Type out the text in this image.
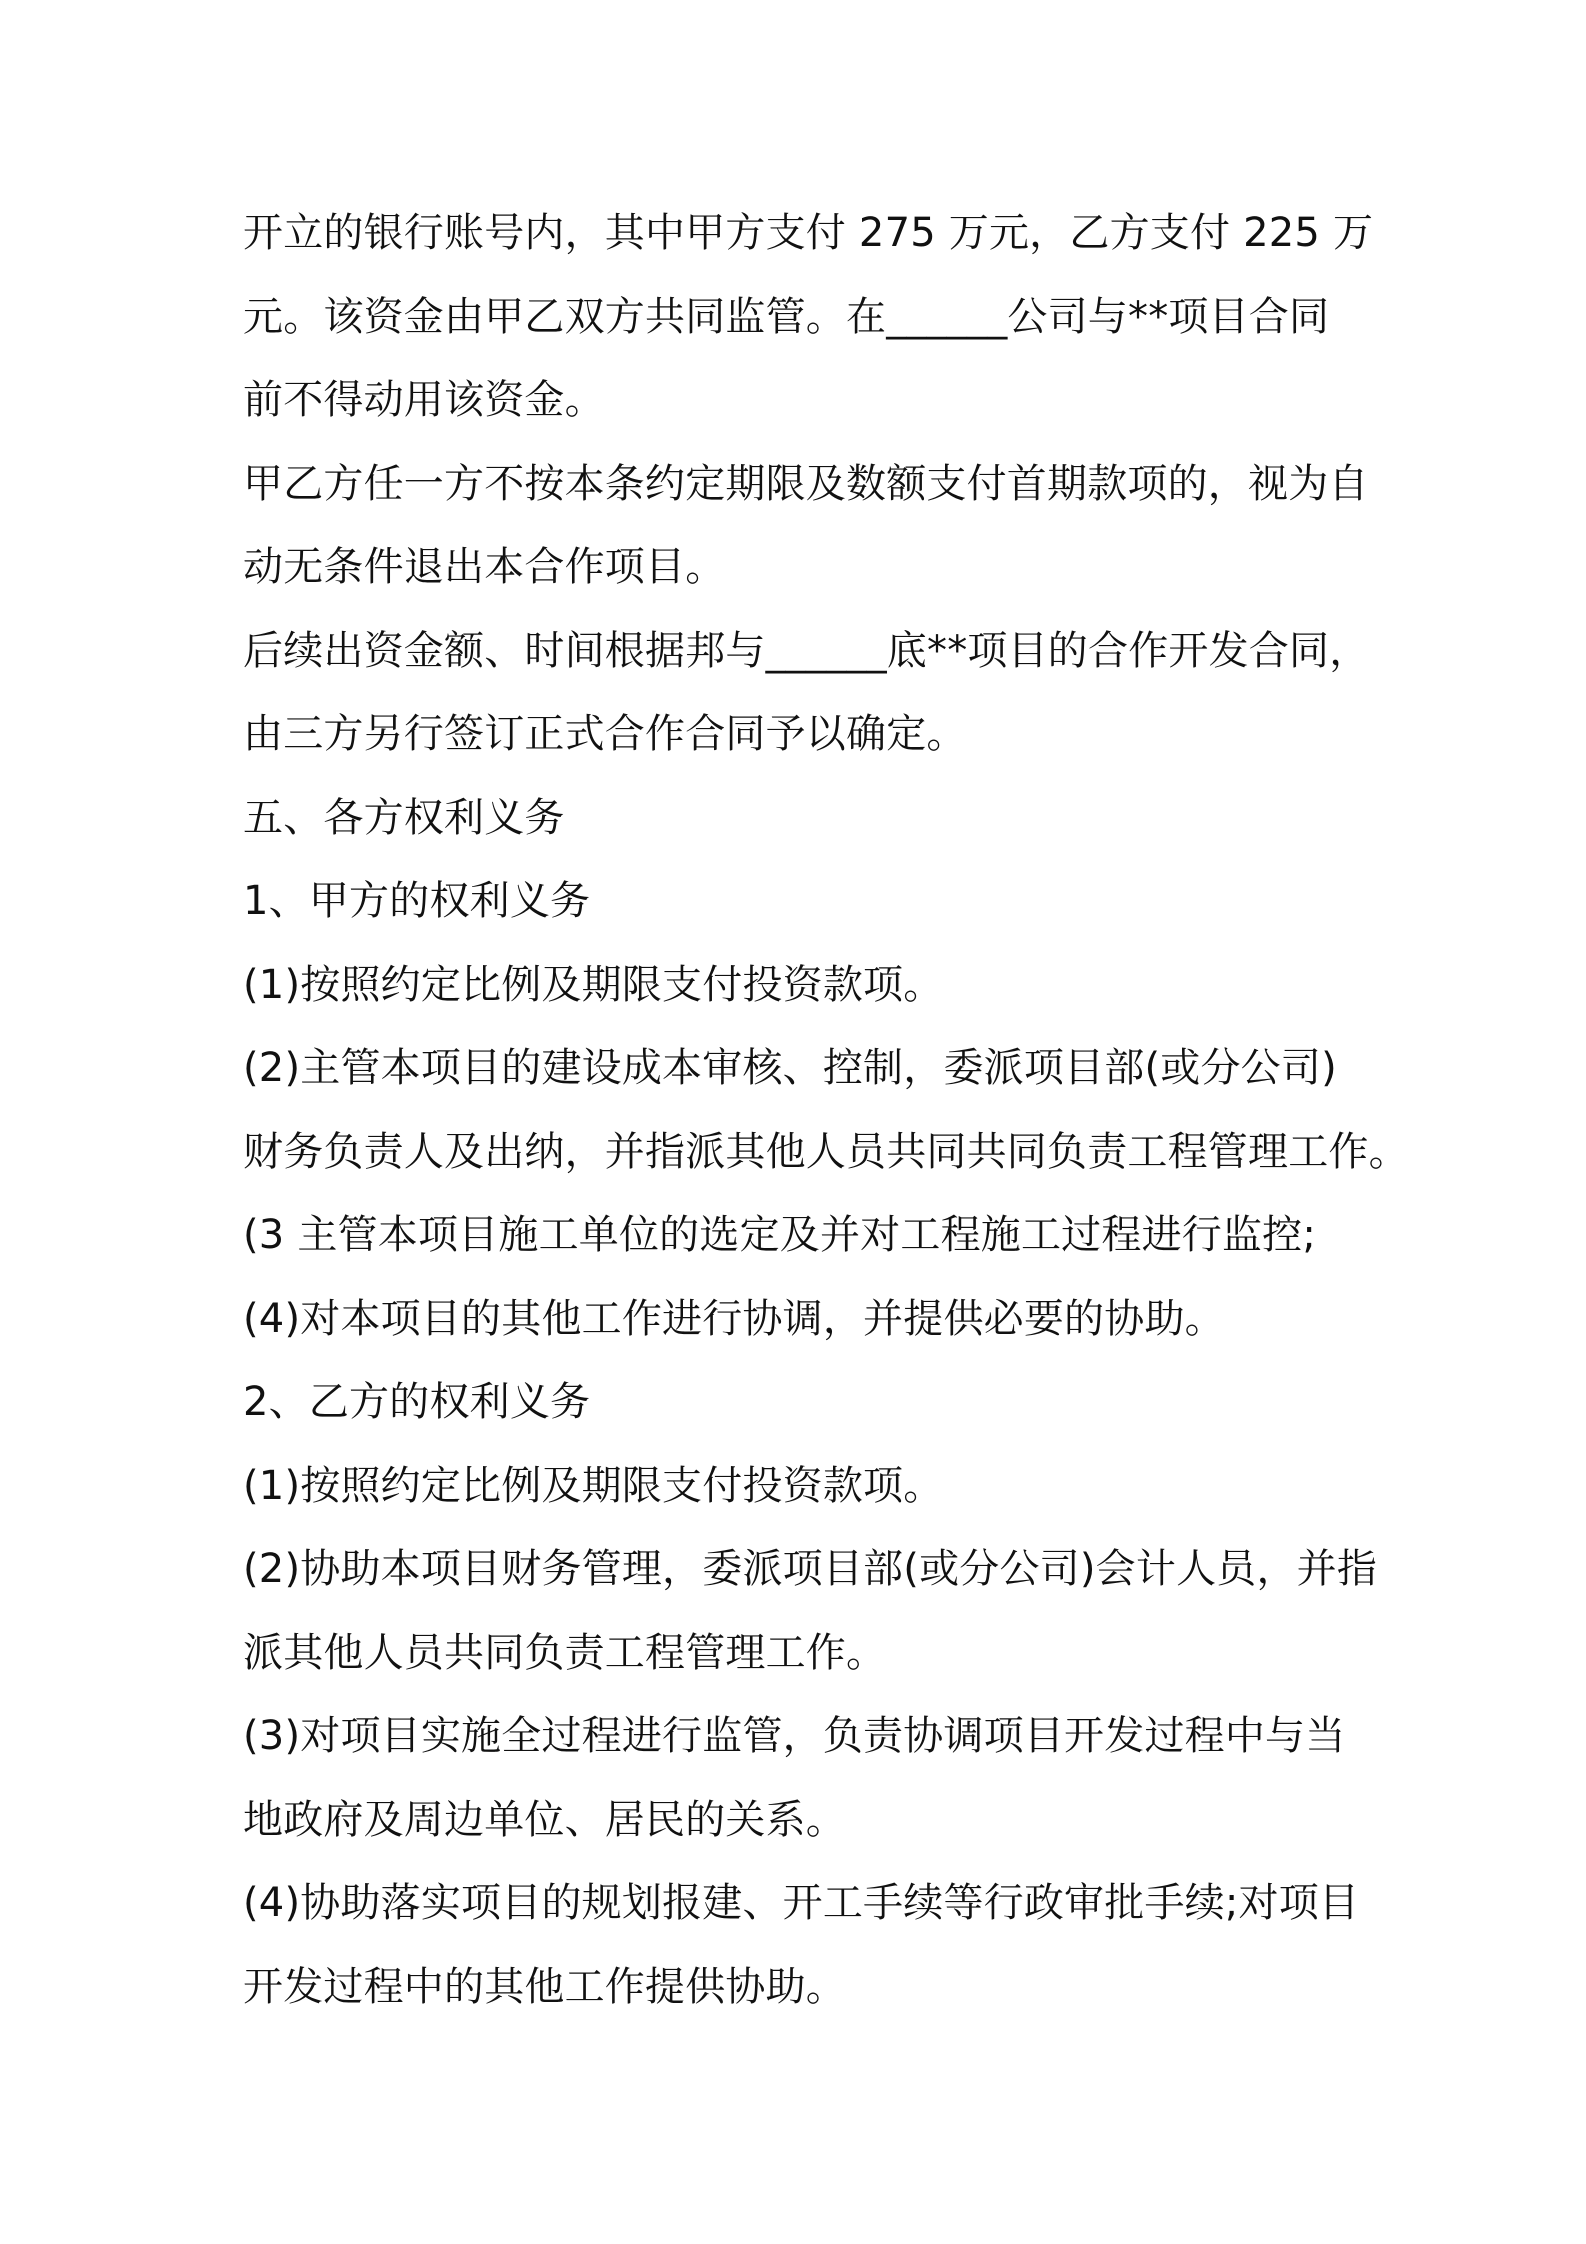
开立的银行账号内，其中甲方支付 275 万元，乙方支付 225 万
元。该资金由甲乙双方共同监管。在______公司与**项目合同
前不得动用该资金。
甲乙方任一方不按本条约定期限及数额支付首期款项的，视为自
动无条件退出本合作项目。
后续出资金额、时间根据邦与______底**项目的合作开发合同，
由三方另行签订正式合作合同予以确定。
五、各方权利义务
1、甲方的权利义务
(1)按照约定比例及期限支付投资款项。
(2)主管本项目的建设成本审核、控制，委派项目部(或分公司)
财务负责人及出纳，并指派其他人员共同共同负责工程管理工作。
(3 主管本项目施工单位的选定及并对工程施工过程进行监控;
(4)对本项目的其他工作进行协调，并提供必要的协助。
2、乙方的权利义务
(1)按照约定比例及期限支付投资款项。
(2)协助本项目财务管理，委派项目部(或分公司)会计人员，并指
派其他人员共同负责工程管理工作。
(3)对项目实施全过程进行监管，负责协调项目开发过程中与当
地政府及周边单位、居民的关系。
(4)协助落实项目的规划报建、开工手续等行政审批手续;对项目
开发过程中的其他工作提供协助。
